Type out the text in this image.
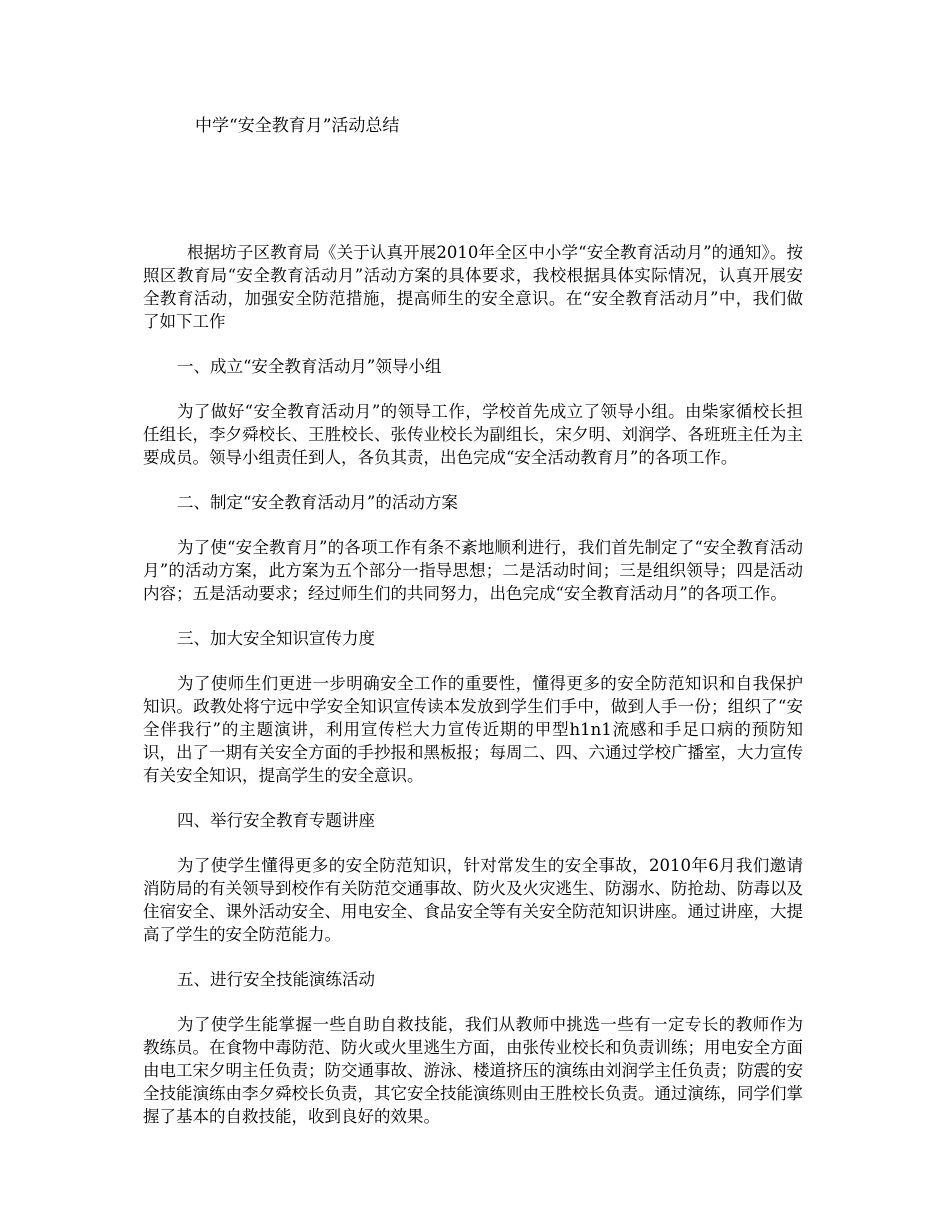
中学“安全教育月”活动总结

根据坊子区教育局《关于认真开展2010年全区中小学“安全教育活动月”的通知》。按照区教育局“安全教育活动月”活动方案的具体要求，我校根据具体实际情况，认真开展安全教育活动，加强安全防范措施，提高师生的安全意识。在“安全教育活动月”中，我们做了如下工作

一、成立“安全教育活动月”领导小组

为了做好“安全教育活动月”的领导工作，学校首先成立了领导小组。由柴家循校长担任组长，李夕舜校长、王胜校长、张传业校长为副组长，宋夕明、刘润学、各班班主任为主要成员。领导小组责任到人，各负其责，出色完成“安全活动教育月”的各项工作。

二、制定“安全教育活动月”的活动方案

为了使“安全教育月”的各项工作有条不紊地顺利进行，我们首先制定了“安全教育活动月”的活动方案，此方案为五个部分一指导思想；二是活动时间；三是组织领导；四是活动内容；五是活动要求；经过师生们的共同努力，出色完成“安全教育活动月”的各项工作。

三、加大安全知识宣传力度

为了使师生们更进一步明确安全工作的重要性，懂得更多的安全防范知识和自我保护知识。政教处将宁远中学安全知识宣传读本发放到学生们手中，做到人手一份；组织了“安全伴我行”的主题演讲，利用宣传栏大力宣传近期的甲型h1n1流感和手足口病的预防知识，出了一期有关安全方面的手抄报和黑板报；每周二、四、六通过学校广播室，大力宣传有关安全知识，提高学生的安全意识。

四、举行安全教育专题讲座

为了使学生懂得更多的安全防范知识，针对常发生的安全事故，2010年6月我们邀请消防局的有关领导到校作有关防范交通事故、防火及火灾逃生、防溺水、防抢劫、防毒以及住宿安全、课外活动安全、用电安全、食品安全等有关安全防范知识讲座。通过讲座，大提高了学生的安全防范能力。

五、进行安全技能演练活动

为了使学生能掌握一些自助自救技能，我们从教师中挑选一些有一定专长的教师作为教练员。在食物中毒防范、防火或火里逃生方面，由张传业校长和负责训练；用电安全方面由电工宋夕明主任负责；防交通事故、游泳、楼道挤压的演练由刘润学主任负责；防震的安全技能演练由李夕舜校长负责，其它安全技能演练则由王胜校长负责。通过演练，同学们掌握了基本的自救技能，收到良好的效果。
